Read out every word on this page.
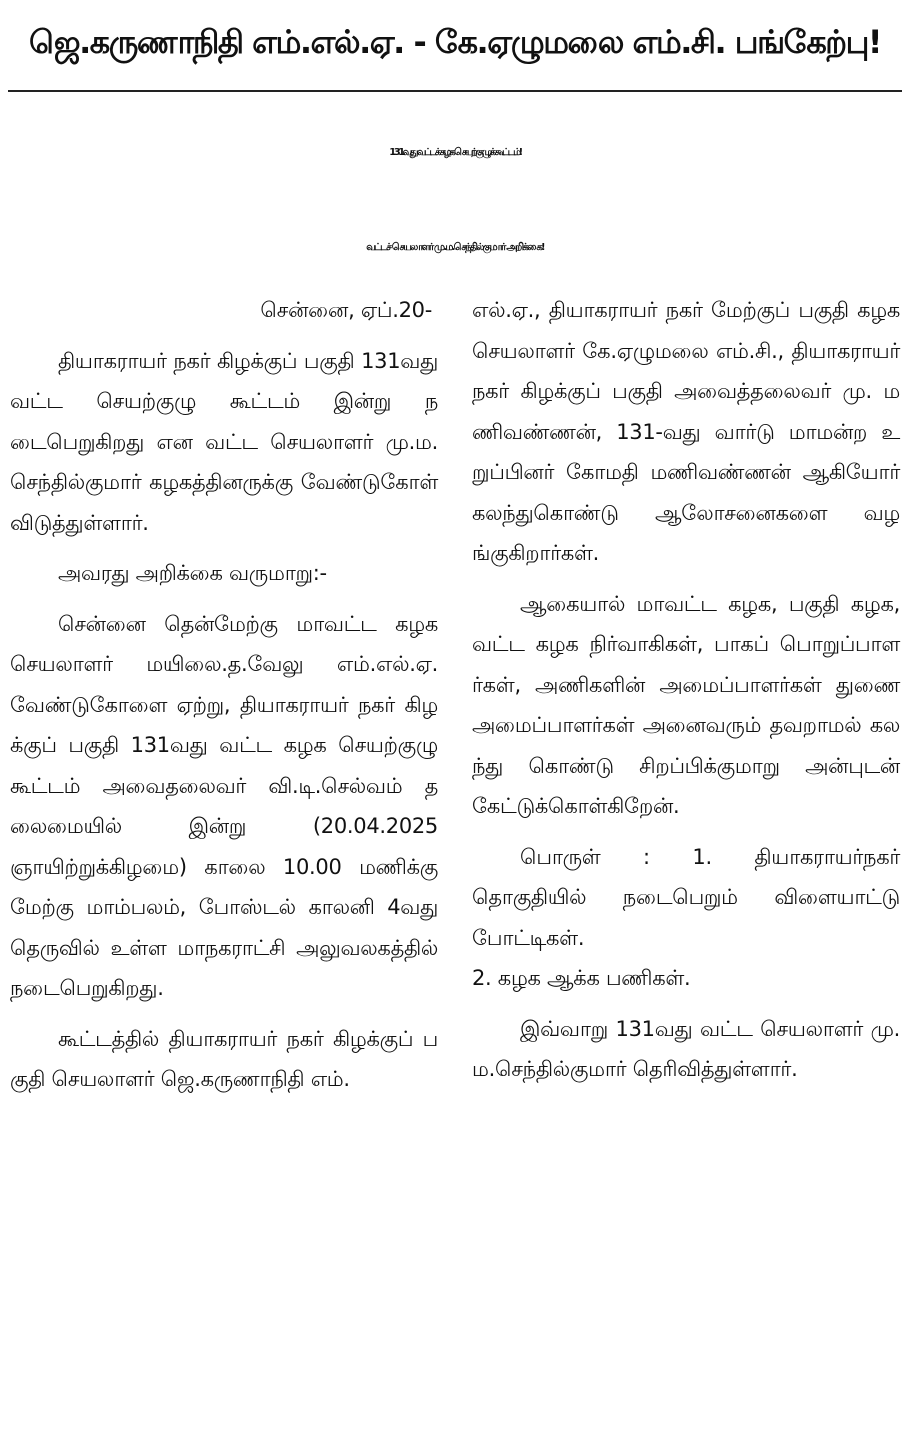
ஜெ.கருணாநிதி எம்.எல்.ஏ. - கே.ஏழுமலை எம்.சி. பங்கேற்பு!
131வது வட்டக் கழக செயற்குழுக் கூட்டம்!
வட்டச் செயலாளர் மு.ம.செந்தில்குமார் அறிக்கை!

சென்னை, ஏப்.20-

தியாகராயர் நகர் கிழக்குப் பகுதி 131வது வட்ட செயற்குழு கூட்டம் இன்று நடைபெறுகிறது என வட்ட செயலாளர் மு.ம.செந்தில்குமார் கழகத்தினருக்கு வேண்டுகோள் விடுத்துள்ளார்.

அவரது அறிக்கை வருமாறு:-

சென்னை தென்மேற்கு மாவட்ட கழக செயலாளர் மயிலை.த.வேலு எம்.எல்.ஏ. வேண்டுகோளை ஏற்று, தியாகராயர் நகர் கிழக்குப் பகுதி 131வது வட்ட கழக செயற்குழு கூட்டம் அவைதலைவர் வி.டி.செல்வம் தலைமையில் இன்று (20.04.2025 ஞாயிற்றுக்கிழமை) காலை 10.00 மணிக்கு மேற்கு மாம்பலம், போஸ்டல் காலனி 4வது தெருவில் உள்ள மாநகராட்சி அலுவலகத்தில் நடைபெறுகிறது.

கூட்டத்தில் தியாகராயர் நகர் கிழக்குப் பகுதி செயலாளர் ஜெ.கருணாநிதி எம்.

எல்.ஏ., தியாகராயர் நகர் மேற்குப் பகுதி கழக செயலாளர் கே.ஏழுமலை எம்.சி., தியாகராயர் நகர் கிழக்குப் பகுதி அவைத்தலைவர் மு. மணிவண்ணன், 131-வது வார்டு மாமன்ற உறுப்பினர் கோமதி மணிவண்ணன் ஆகியோர் கலந்துகொண்டு ஆலோசனைகளை வழங்குகிறார்கள்.

ஆகையால் மாவட்ட கழக, பகுதி கழக, வட்ட கழக நிர்வாகிகள், பாகப் பொறுப்பாளர்கள், அணிகளின் அமைப்பாளர்கள் துணை அமைப்பாளர்கள் அனைவரும் தவறாமல் கலந்து கொண்டு சிறப்பிக்குமாறு அன்புடன் கேட்டுக்கொள்கிறேன்.

பொருள் : 1. தியாகராயர்நகர் தொகுதியில் நடைபெறும் விளையாட்டு போட்டிகள்.

2. கழக ஆக்க பணிகள்.

இவ்வாறு 131வது வட்ட செயலாளர் மு.ம.செந்தில்குமார் தெரிவித்துள்ளார்.
